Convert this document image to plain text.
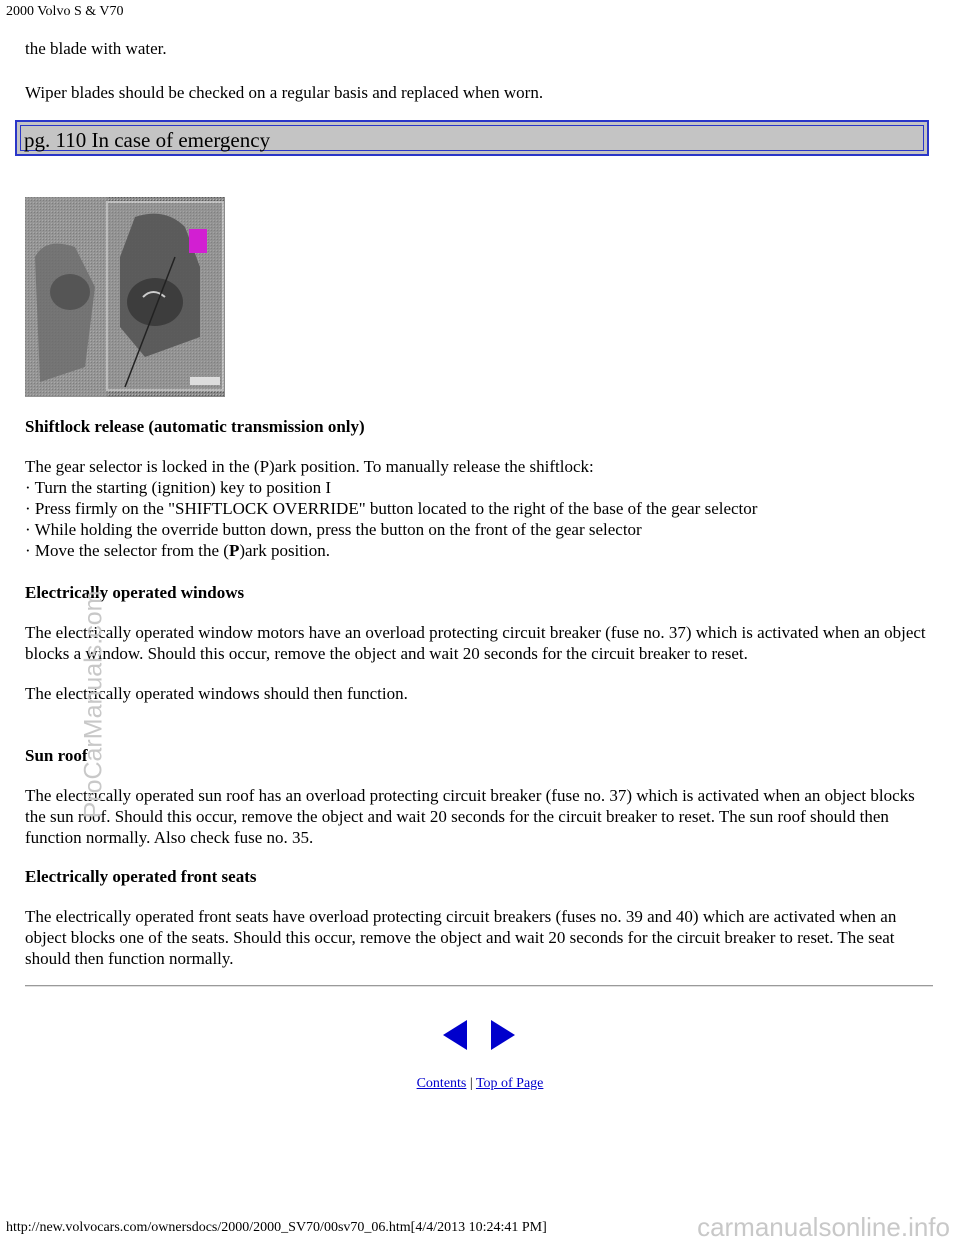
2000 Volvo S & V70

the blade with water.

Wiper blades should be checked on a regular basis and replaced when worn.

pg. 110 In case of emergency

Shiftlock release (automatic transmission only)

The gear selector is locked in the (P)ark position. To manually release the shiftlock:

· Turn the starting (ignition) key to position I

· Press firmly on the "SHIFTLOCK OVERRIDE" button located to the right of the base of the gear selector

· While holding the override button down, press the button on the front of the gear selector

· Move the selector from the (P)ark position.

Electrically operated windows

The electrically operated window motors have an overload protecting circuit breaker (fuse no. 37) which is activated when an object blocks a window. Should this occur, remove the object and wait 20 seconds for the circuit breaker to reset.

The electrically operated windows should then function.

Sun roof

The electrically operated sun roof has an overload protecting circuit breaker (fuse no. 37) which is activated when an object blocks the sun roof. Should this occur, remove the object and wait 20 seconds for the circuit breaker to reset. The sun roof should then function normally. Also check fuse no. 35.

Electrically operated front seats

The electrically operated front seats have overload protecting circuit breakers (fuses no. 39 and 40) which are activated when an object blocks one of the seats. Should this occur, remove the object and wait 20 seconds for the circuit breaker to reset. The seat should then function normally.

Contents | Top of Page
http://new.volvocars.com/ownersdocs/2000/2000_SV70/00sv70_06.htm[4/4/2013 10:24:41 PM]
ProCarManuals.com
carmanualsonline.info
